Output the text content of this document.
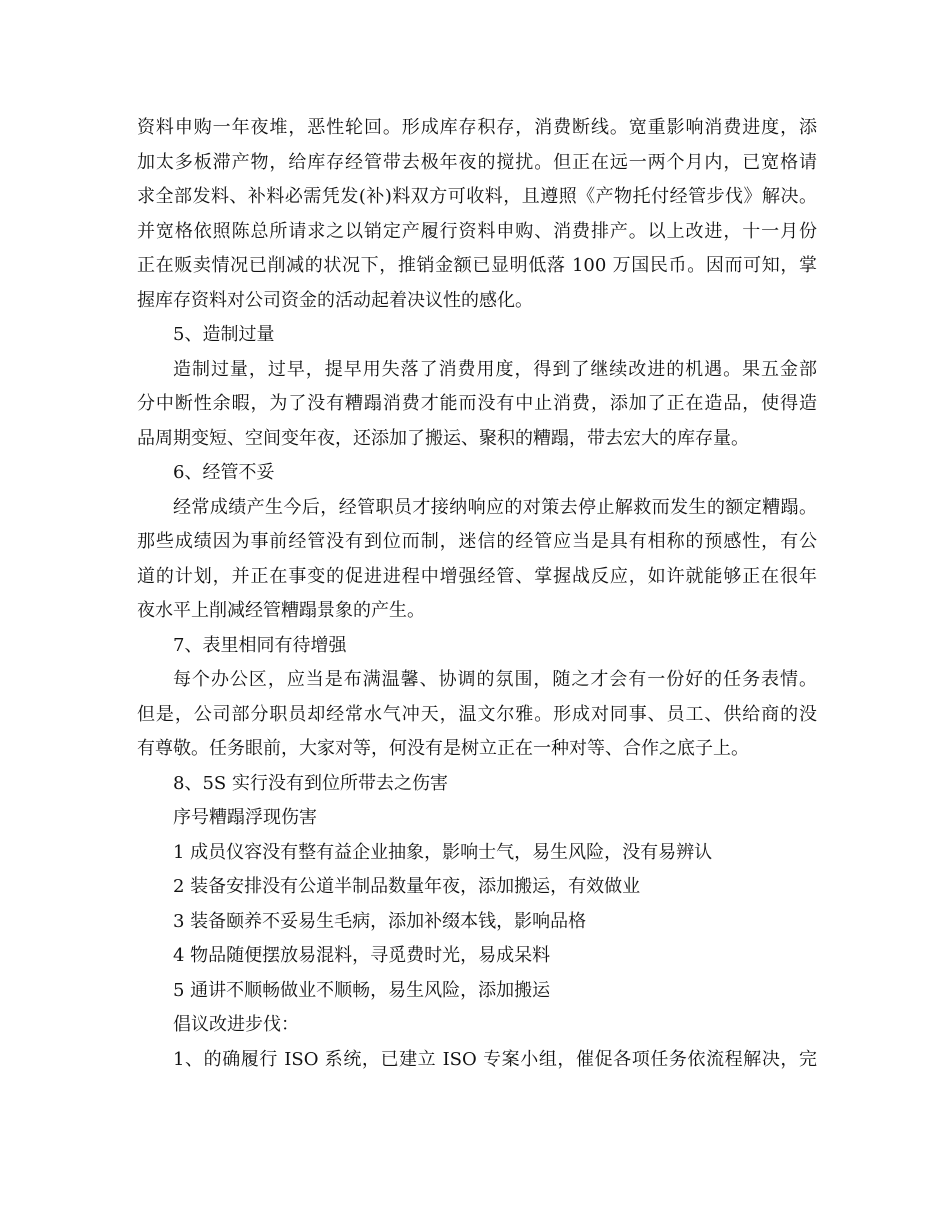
资料申购一年夜堆，恶性轮回。形成库存积存，消费断线。宽重影响消费进度，添
加太多板滞产物，给库存经管带去极年夜的搅扰。但正在远一两个月内，已宽格请
求全部发料、补料必需凭发(补)料双方可收料，且遵照《产物托付经管步伐》解决。
并宽格依照陈总所请求之以销定产履行资料申购、消费排产。以上改进，十一月份
正在贩卖情况已削减的状况下，推销金额已显明低落 100 万国民币。因而可知，掌
握库存资料对公司资金的活动起着决议性的感化。
5、造制过量
造制过量，过早，提早用失落了消费用度，得到了继续改进的机遇。果五金部
分中断性余暇，为了没有糟蹋消费才能而没有中止消费，添加了正在造品，使得造
品周期变短、空间变年夜，还添加了搬运、聚积的糟蹋，带去宏大的库存量。
6、经管不妥
经常成绩产生今后，经管职员才接纳响应的对策去停止解救而发生的额定糟蹋。
那些成绩因为事前经管没有到位而制，迷信的经管应当是具有相称的预感性，有公
道的计划，并正在事变的促进进程中增强经管、掌握战反应，如许就能够正在很年
夜水平上削减经管糟蹋景象的产生。
7、表里相同有待增强
每个办公区，应当是布满温馨、协调的氛围，随之才会有一份好的任务表情。
但是，公司部分职员却经常水气冲天，温文尔雅。形成对同事、员工、供给商的没
有尊敬。任务眼前，大家对等，何没有是树立正在一种对等、合作之底子上。
8、5S 实行没有到位所带去之伤害
序号糟蹋浮现伤害
1 成员仪容没有整有益企业抽象，影响士气，易生风险，没有易辨认
2 装备安排没有公道半制品数量年夜，添加搬运，有效做业
3 装备颐养不妥易生毛病，添加补缀本钱，影响品格
4 物品随便摆放易混料，寻觅费时光，易成呆料
5 通讲不顺畅做业不顺畅，易生风险，添加搬运
倡议改进步伐：
1、的确履行 ISO 系统，已建立 ISO 专案小组，催促各项任务依流程解决，完
